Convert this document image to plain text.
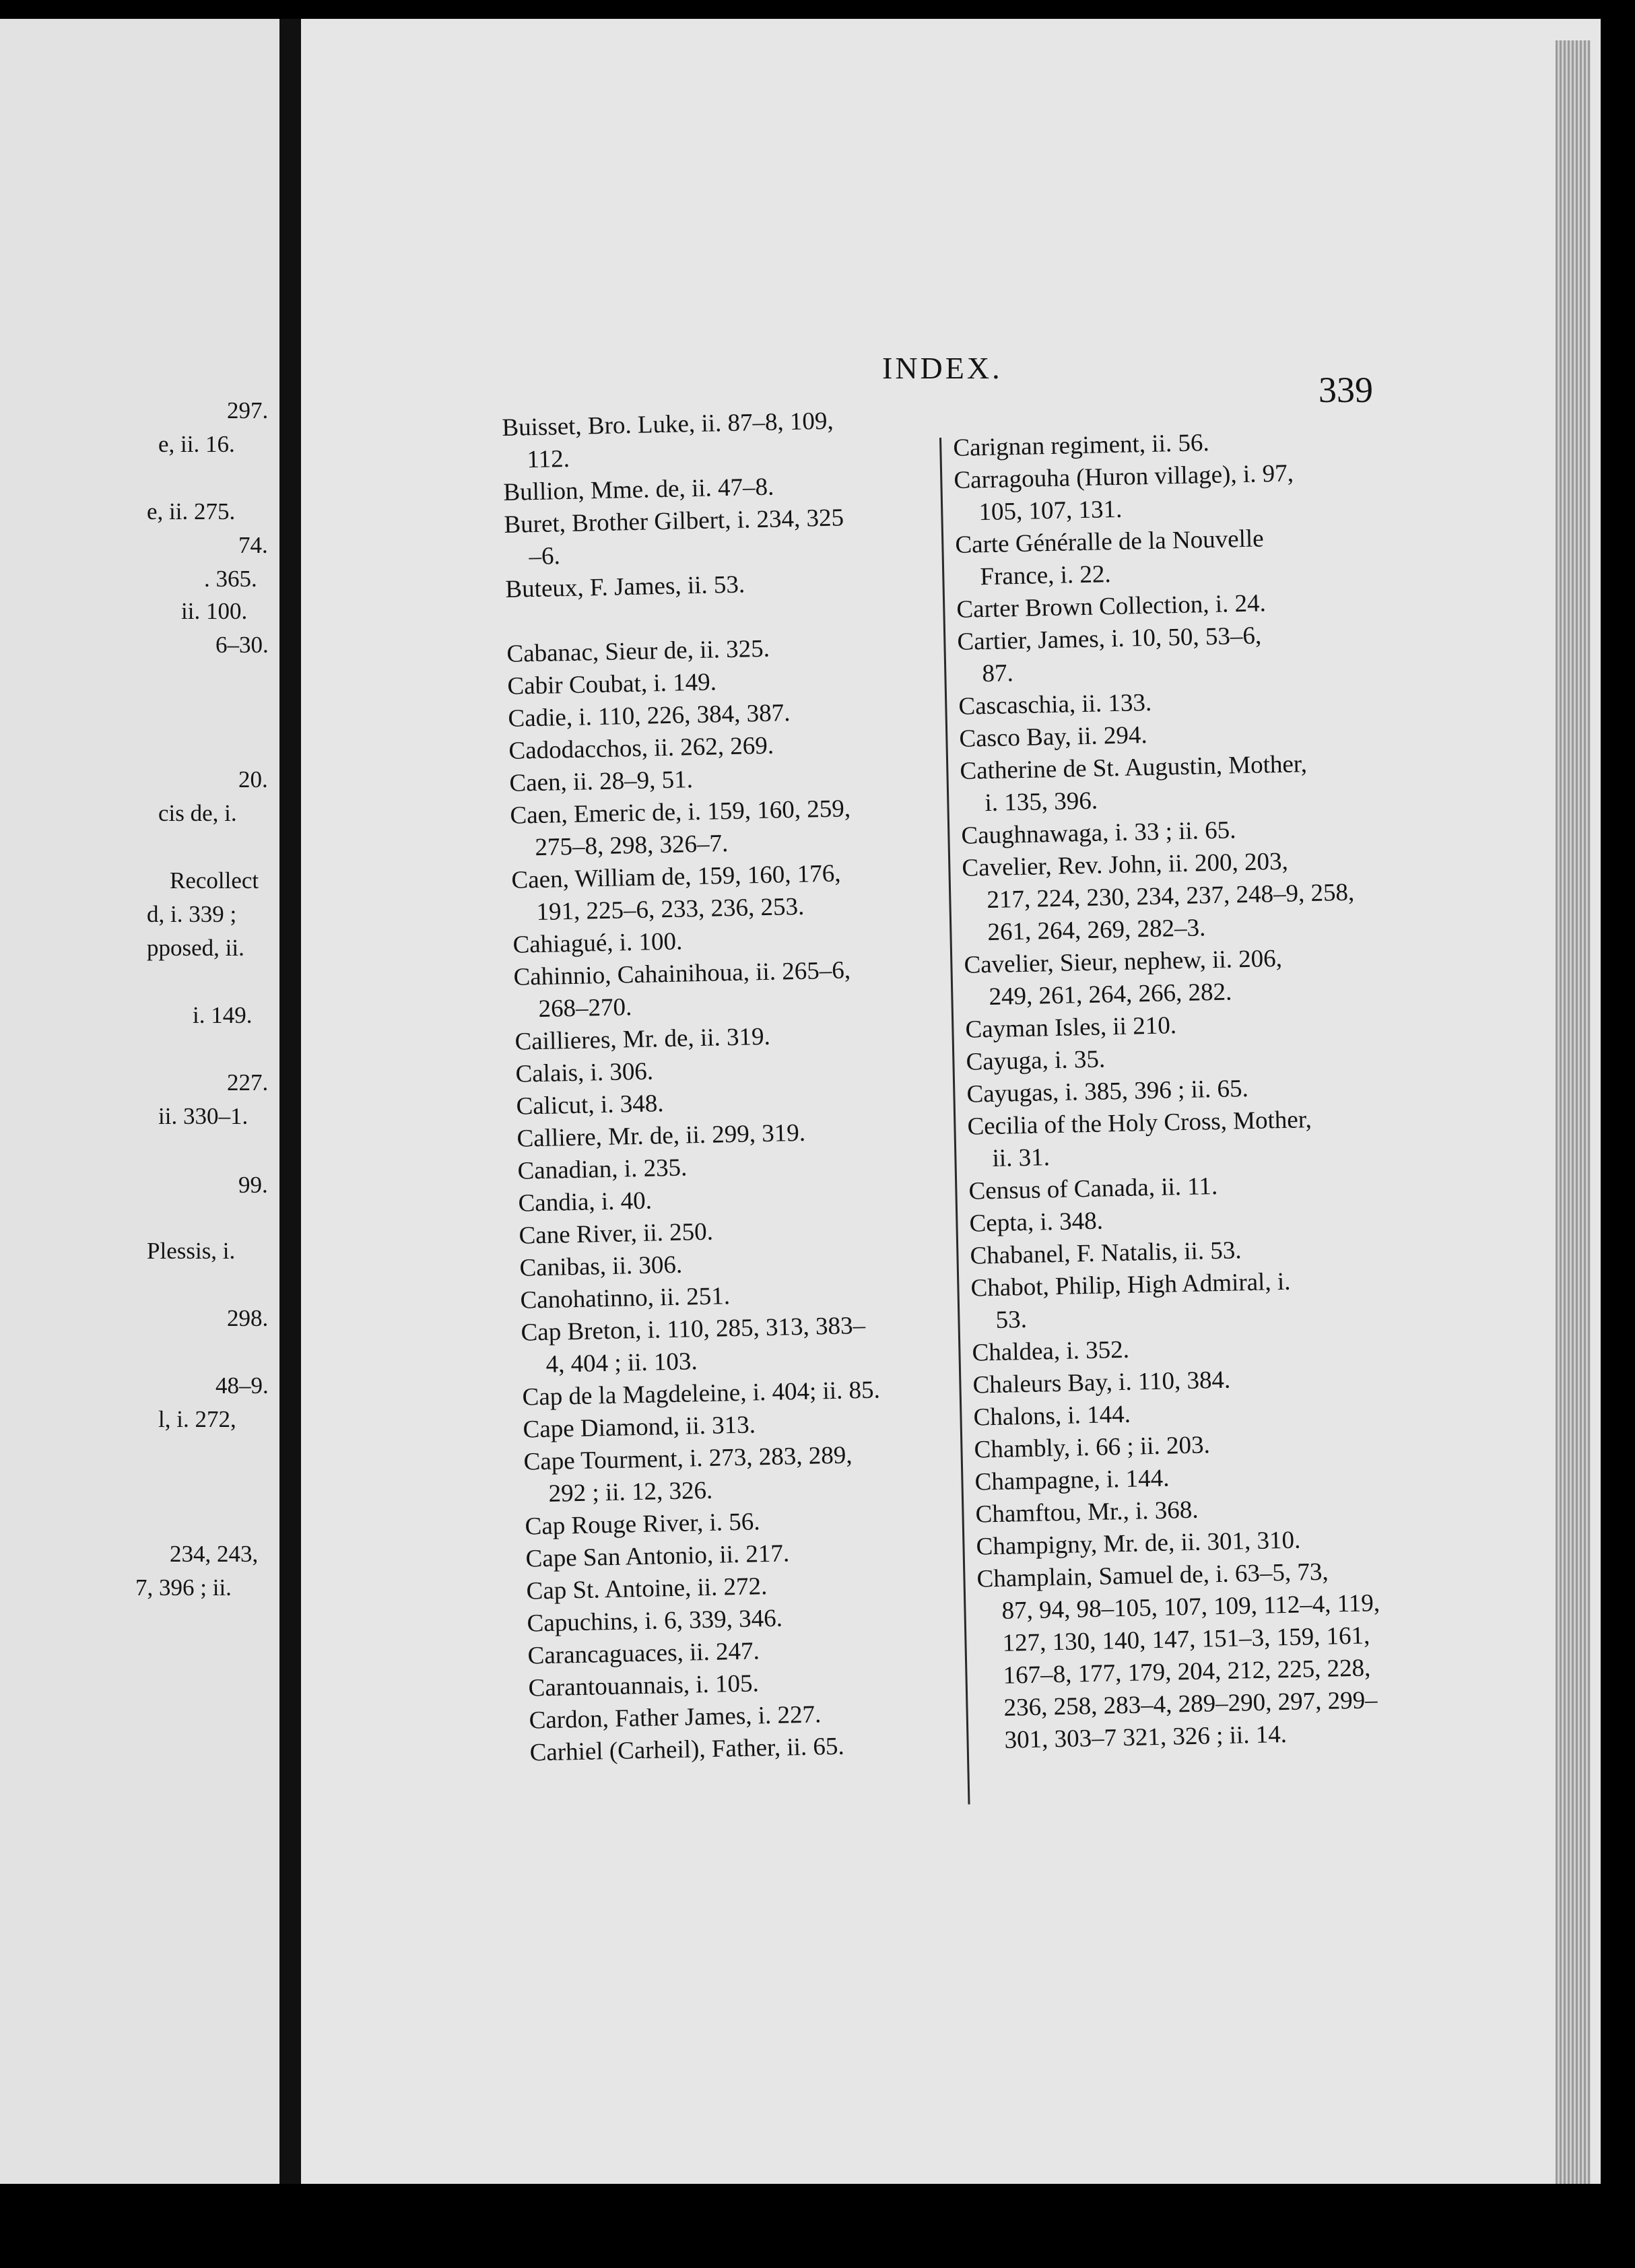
297.
e, ii. 16.
e, ii. 275.
74.
. 365.
ii. 100.
6–30.
20.
cis de, i.
Recollect
d, i. 339 ;
pposed, ii.
i. 149.
227.
ii. 330–1.
99.
Plessis, i.
298.
48–9.
l, i. 272,
234, 243,
7, 396 ; ii.
INDEX.
339

Buisset, Bro. Luke, ii. 87–8, 109,
112.

Bullion, Mme. de, ii. 47–8.

Buret, Brother Gilbert, i. 234, 325
–6.

Buteux, F. James, ii. 53.

Cabanac, Sieur de, ii. 325.

Cabir Coubat, i. 149.

Cadie, i. 110, 226, 384, 387.

Cadodacchos, ii. 262, 269.

Caen, ii. 28–9, 51.

Caen, Emeric de, i. 159, 160, 259,
275–8, 298, 326–7.

Caen, William de, 159, 160, 176,
191, 225–6, 233, 236, 253.

Cahiagué, i. 100.

Cahinnio, Cahainihoua, ii. 265–6,
268–270.

Caillieres, Mr. de, ii. 319.

Calais, i. 306.

Calicut, i. 348.

Calliere, Mr. de, ii. 299, 319.

Canadian, i. 235.

Candia, i. 40.

Cane River, ii. 250.

Canibas, ii. 306.

Canohatinno, ii. 251.

Cap Breton, i. 110, 285, 313, 383–
4, 404 ; ii. 103.

Cap de la Magdeleine, i. 404; ii. 85.

Cape Diamond, ii. 313.

Cape Tourment, i. 273, 283, 289,
292 ; ii. 12, 326.

Cap Rouge River, i. 56.

Cape San Antonio, ii. 217.

Cap St. Antoine, ii. 272.

Capuchins, i. 6, 339, 346.

Carancaguaces, ii. 247.

Carantouannais, i. 105.

Cardon, Father James, i. 227.

Carhiel (Carheil), Father, ii. 65.

Carignan regiment, ii. 56.

Carragouha (Huron village), i. 97,
105, 107, 131.

Carte Généralle de la Nouvelle
France, i. 22.

Carter Brown Collection, i. 24.

Cartier, James, i. 10, 50, 53–6,
87.

Cascaschia, ii. 133.

Casco Bay, ii. 294.

Catherine de St. Augustin, Mother,
i. 135, 396.

Caughnawaga, i. 33 ; ii. 65.

Cavelier, Rev. John, ii. 200, 203,
217, 224, 230, 234, 237, 248–9, 258, 261, 264, 269, 282–3.

Cavelier, Sieur, nephew, ii. 206,
249, 261, 264, 266, 282.

Cayman Isles, ii 210.

Cayuga, i. 35.

Cayugas, i. 385, 396 ; ii. 65.

Cecilia of the Holy Cross, Mother,
ii. 31.

Census of Canada, ii. 11.

Cepta, i. 348.

Chabanel, F. Natalis, ii. 53.

Chabot, Philip, High Admiral, i.
53.

Chaldea, i. 352.

Chaleurs Bay, i. 110, 384.

Chalons, i. 144.

Chambly, i. 66 ; ii. 203.

Champagne, i. 144.

Chamftou, Mr., i. 368.

Champigny, Mr. de, ii. 301, 310.

Champlain, Samuel de, i. 63–5, 73,
87, 94, 98–105, 107, 109, 112–4, 119, 127, 130, 140, 147, 151–3, 159, 161, 167–8, 177, 179, 204, 212, 225, 228, 236, 258, 283–4, 289–290, 297, 299–301, 303–7 321, 326 ; ii. 14.
